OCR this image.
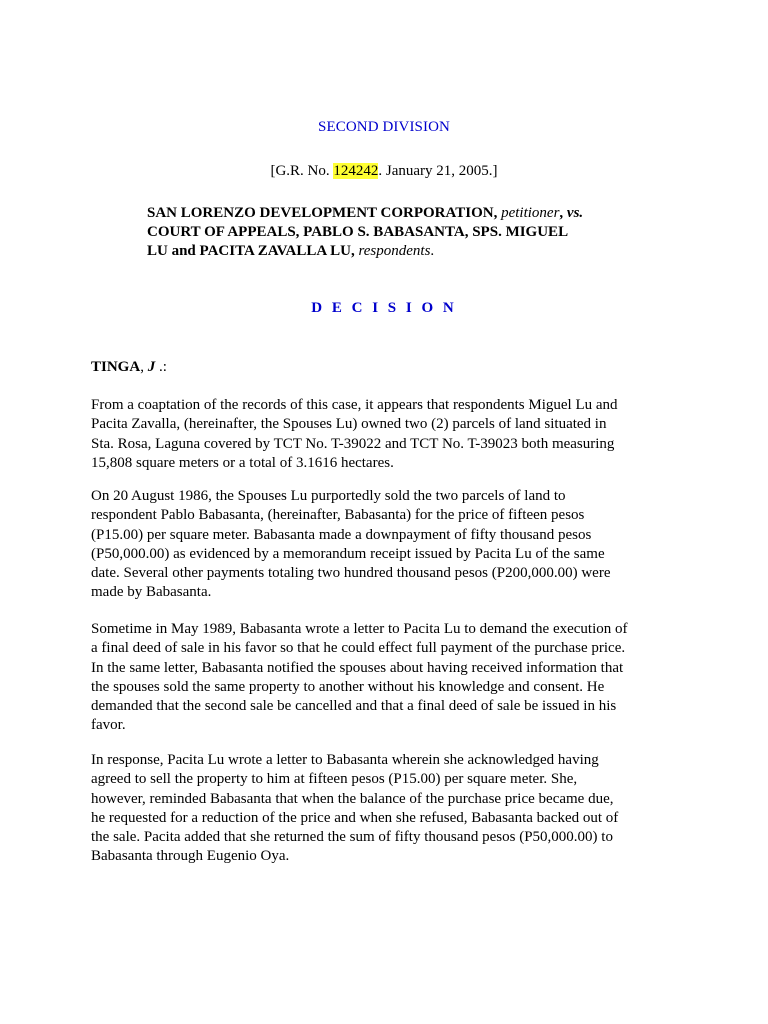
SECOND DIVISION
[G.R. No. 124242. January 21, 2005.]
SAN LORENZO DEVELOPMENT CORPORATION, petitioner, vs.
COURT OF APPEALS, PABLO S. BABASANTA, SPS. MIGUEL
LU and PACITA ZAVALLA LU, respondents.
D E C I S I O N
TINGA, J .:
From a coaptation of the records of this case, it appears that respondents Miguel Lu and
Pacita Zavalla, (hereinafter, the Spouses Lu) owned two (2) parcels of land situated in
Sta. Rosa, Laguna covered by TCT No. T-39022 and TCT No. T-39023 both measuring
15,808 square meters or a total of 3.1616 hectares.
On 20 August 1986, the Spouses Lu purportedly sold the two parcels of land to
respondent Pablo Babasanta, (hereinafter, Babasanta) for the price of fifteen pesos
(P15.00) per square meter. Babasanta made a downpayment of fifty thousand pesos
(P50,000.00) as evidenced by a memorandum receipt issued by Pacita Lu of the same
date. Several other payments totaling two hundred thousand pesos (P200,000.00) were
made by Babasanta.
Sometime in May 1989, Babasanta wrote a letter to Pacita Lu to demand the execution of
a final deed of sale in his favor so that he could effect full payment of the purchase price.
In the same letter, Babasanta notified the spouses about having received information that
the spouses sold the same property to another without his knowledge and consent. He
demanded that the second sale be cancelled and that a final deed of sale be issued in his
favor.
In response, Pacita Lu wrote a letter to Babasanta wherein she acknowledged having
agreed to sell the property to him at fifteen pesos (P15.00) per square meter. She,
however, reminded Babasanta that when the balance of the purchase price became due,
he requested for a reduction of the price and when she refused, Babasanta backed out of
the sale. Pacita added that she returned the sum of fifty thousand pesos (P50,000.00) to
Babasanta through Eugenio Oya.
